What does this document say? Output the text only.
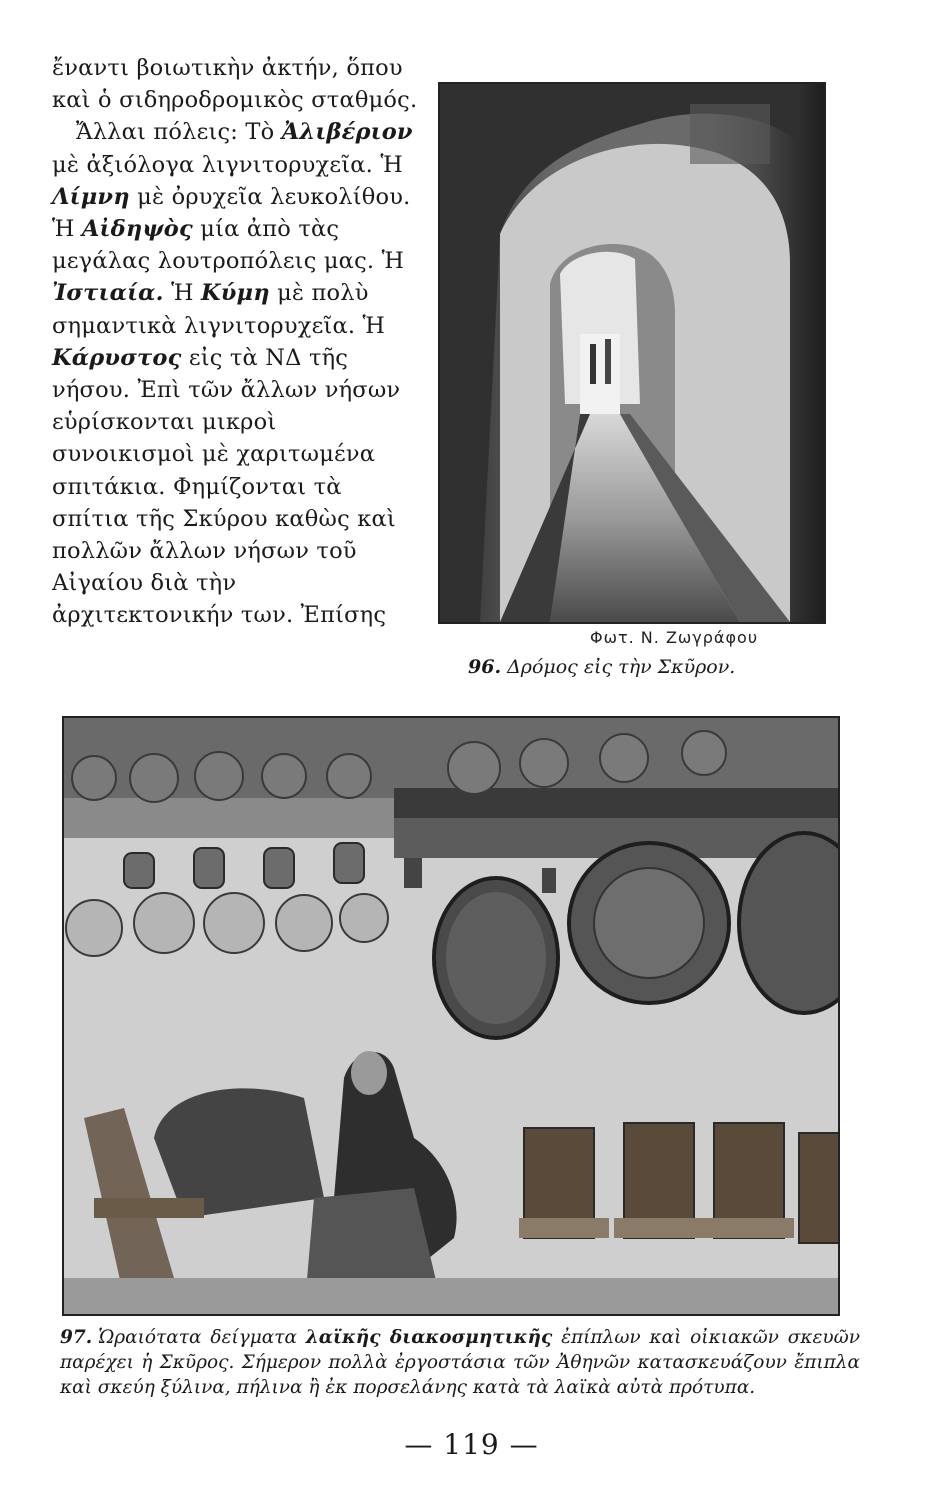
ἔναντι βοιωτικὴν ἀκτήν, ὅπου καὶ ὁ σιδηροδρομικὸς σταθμός.

Ἄλλαι πόλεις: Τὸ Ἀλιβέριον μὲ ἀξιόλογα λιγνιτορυχεῖα. Ἡ Λίμνη μὲ ὀρυχεῖα λευκολίθου. Ἡ Αἰδηψὸς μία ἀπὸ τὰς μεγάλας λουτροπόλεις μας. Ἡ Ἰστιαία. Ἡ Κύμη μὲ πολὺ σημαντικὰ λιγνιτορυχεῖα. Ἡ Κάρυστος εἰς τὰ ΝΔ τῆς νήσου. Ἐπὶ τῶν ἄλλων νήσων εὑρίσκονται μικροὶ συνοικισμοὶ μὲ χαριτωμένα σπιτάκια. Φημίζονται τὰ σπίτια τῆς Σκύρου καθὼς καὶ πολλῶν ἄλλων νήσων τοῦ Αἰγαίου διὰ τὴν ἀρχιτεκτονικήν των. Ἐπίσης

Φωτ. Ν. Ζωγράφου
96. Δρόμος εἰς τὴν Σκῦρον.
97. Ὡραιότατα δείγματα λαϊκῆς διακοσμητικῆς ἐπίπλων καὶ οἰκιακῶν σκευῶν παρέχει ἡ Σκῦρος. Σήμερον πολλὰ ἐργοστάσια τῶν Ἀθηνῶν κατασκευάζουν ἔπιπλα καὶ σκεύη ξύλινα, πήλινα ἢ ἐκ πορσελάνης κατὰ τὰ λαϊκὰ αὐτὰ πρότυπα.
— 119 —
